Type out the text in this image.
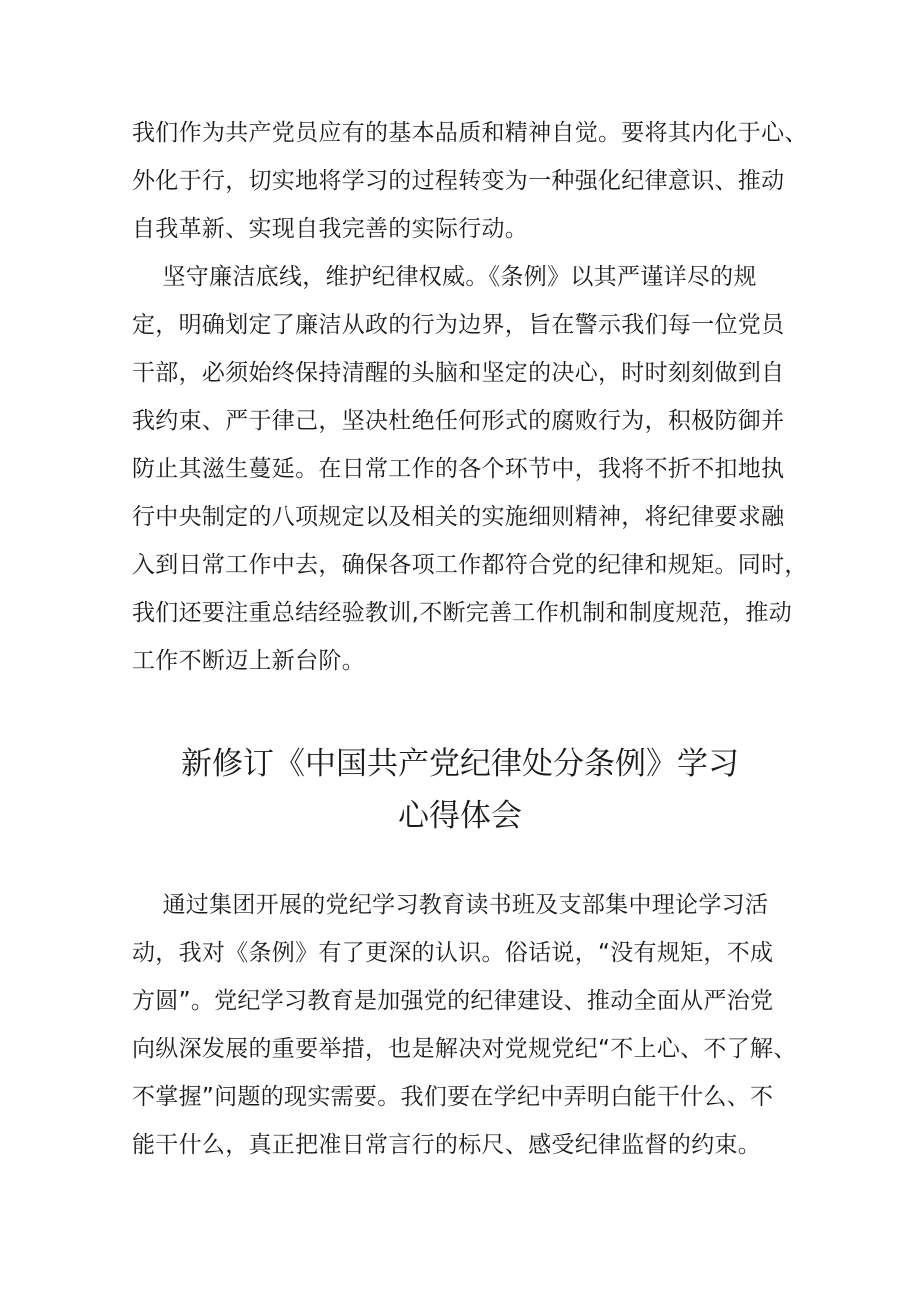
我们作为共产党员应有的基本品质和精神自觉。要将其内化于心、
外化于行，切实地将学习的过程转变为一种强化纪律意识、推动
自我革新、实现自我完善的实际行动。
坚守廉洁底线，维护纪律权威。《条例》以其严谨详尽的规
定，明确划定了廉洁从政的行为边界，旨在警示我们每一位党员
干部，必须始终保持清醒的头脑和坚定的决心，时时刻刻做到自
我约束、严于律己，坚决杜绝任何形式的腐败行为，积极防御并
防止其滋生蔓延。在日常工作的各个环节中，我将不折不扣地执
行中央制定的八项规定以及相关的实施细则精神，将纪律要求融
入到日常工作中去，确保各项工作都符合党的纪律和规矩。同时，
我们还要注重总结经验教训,不断完善工作机制和制度规范，推动
工作不断迈上新台阶。
新修订《中国共产党纪律处分条例》学习
心得体会
通过集团开展的党纪学习教育读书班及支部集中理论学习活
动，我对《条例》有了更深的认识。俗话说，“没有规矩，不成
方圆”。党纪学习教育是加强党的纪律建设、推动全面从严治党
向纵深发展的重要举措，也是解决对党规党纪“不上心、不了解、
不掌握”问题的现实需要。我们要在学纪中弄明白能干什么、不
能干什么，真正把准日常言行的标尺、感受纪律监督的约束。
